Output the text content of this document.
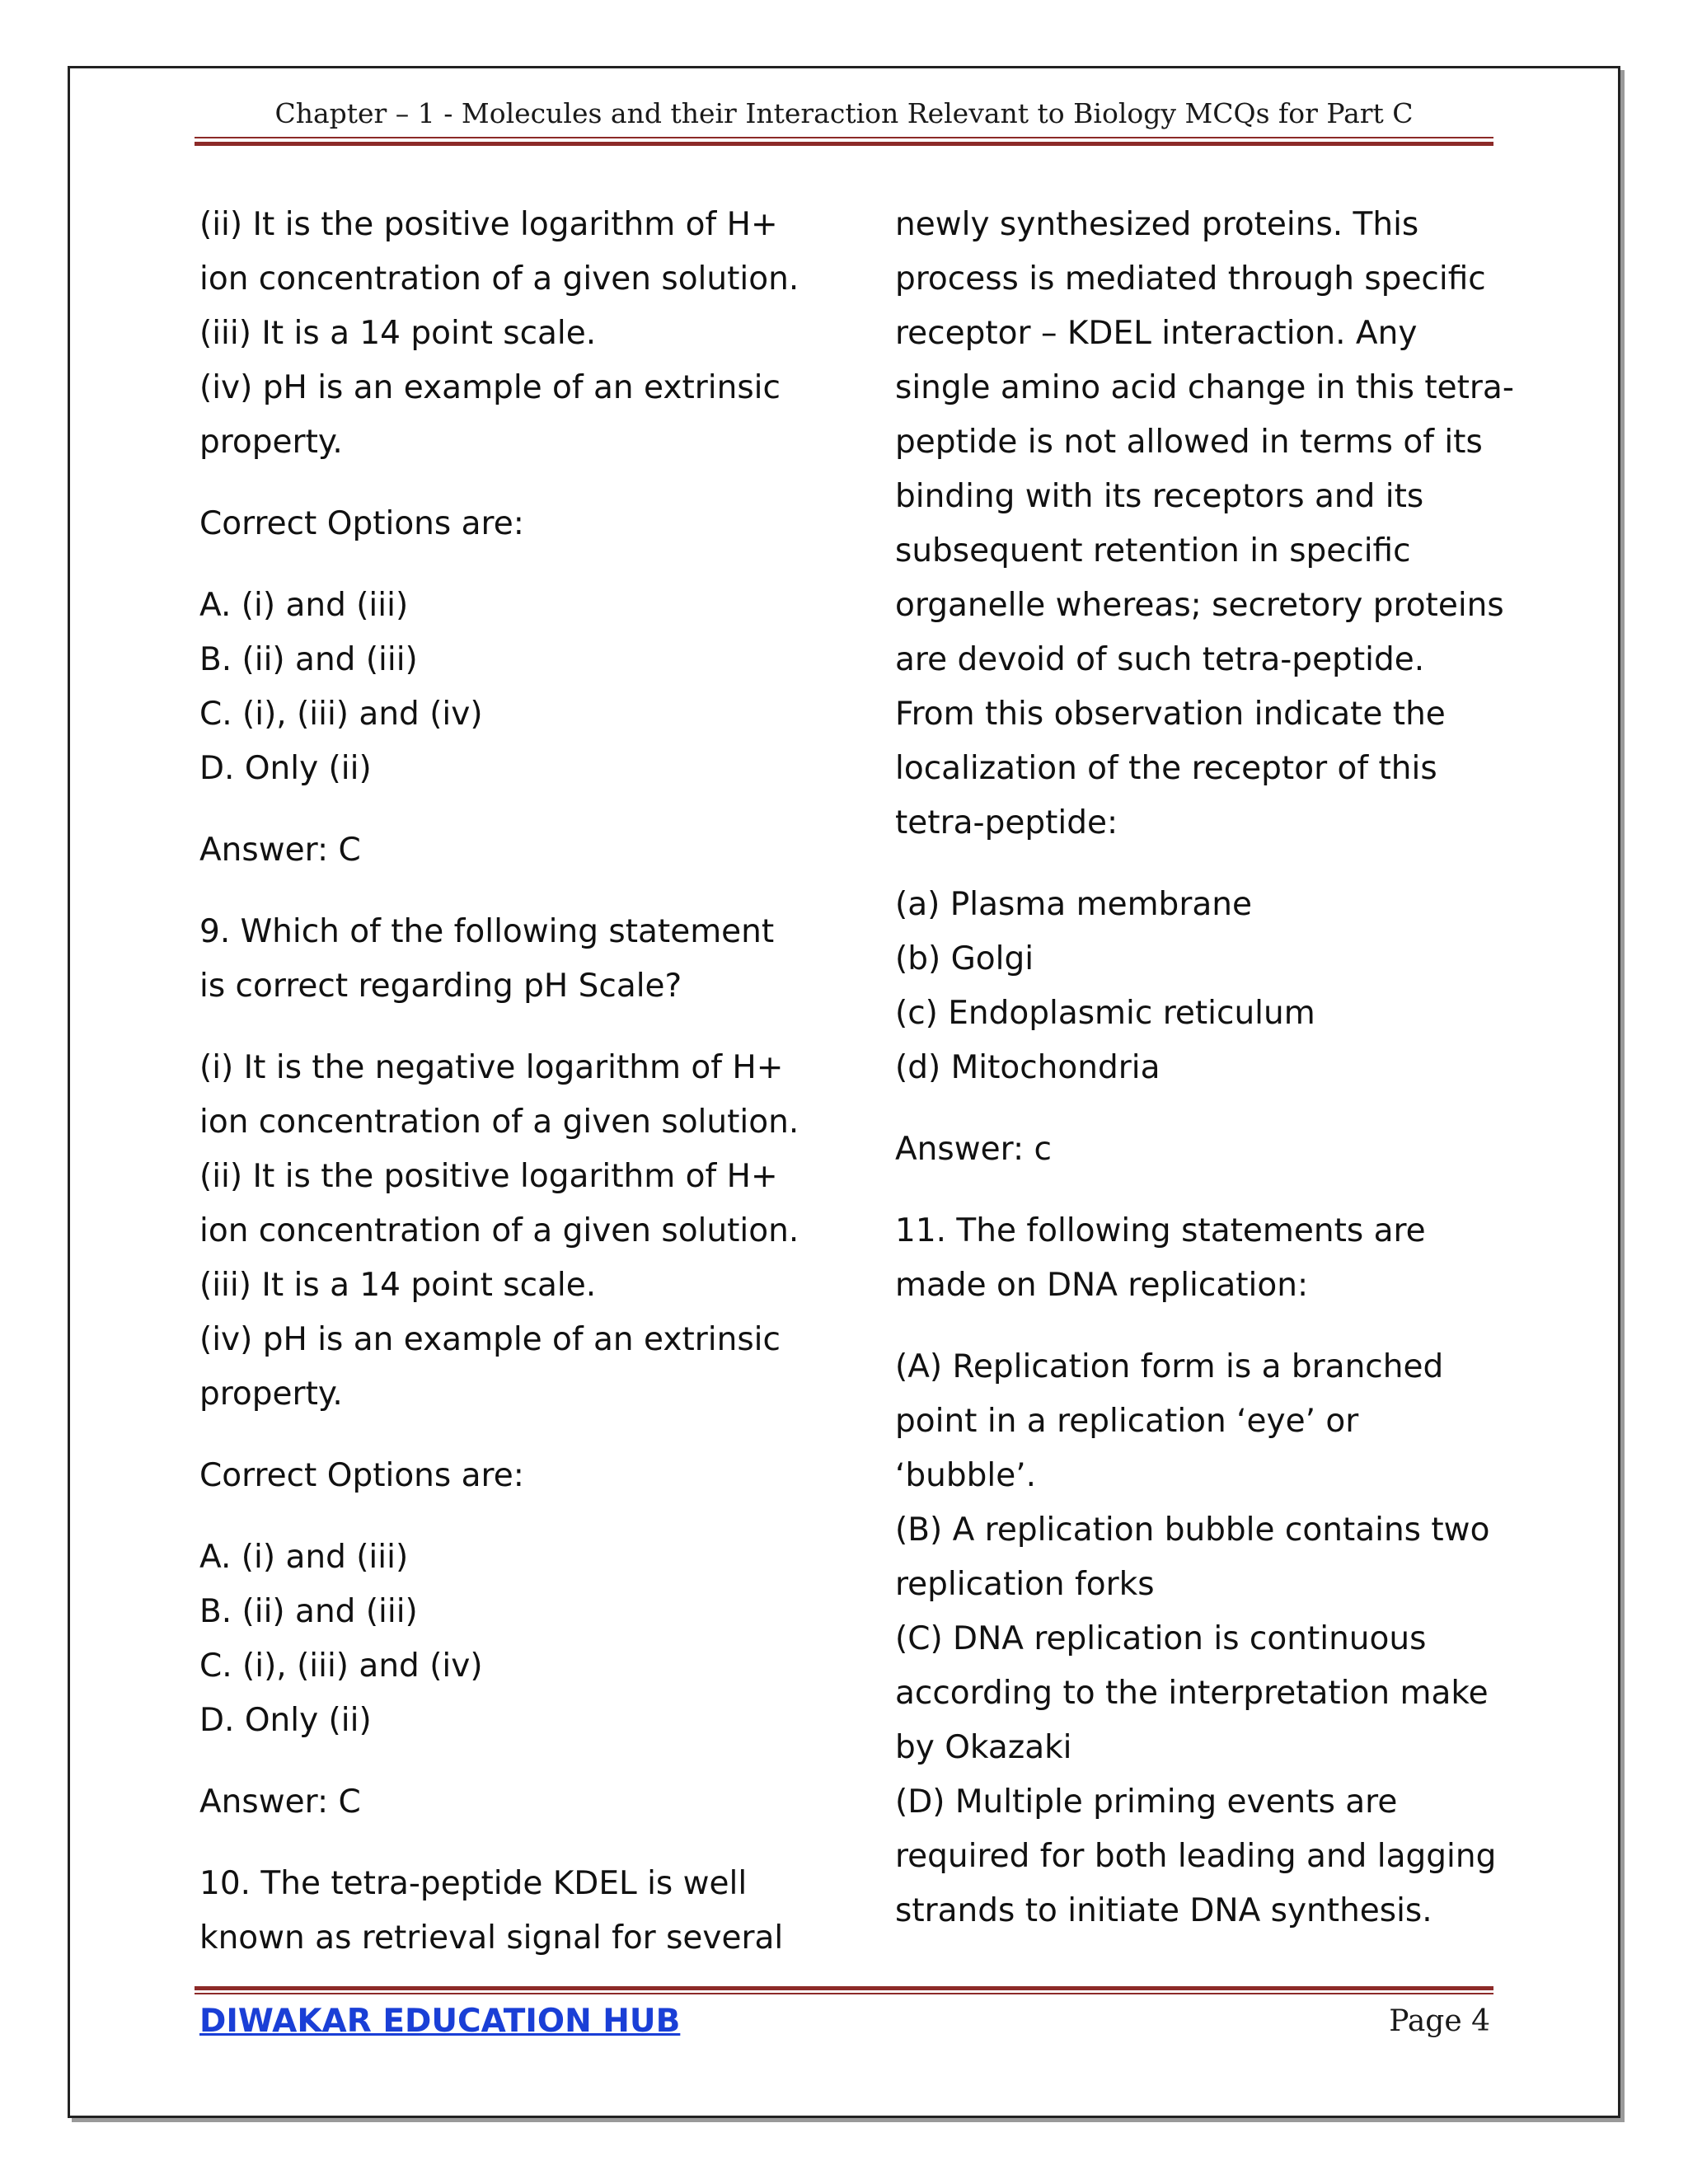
Chapter – 1 - Molecules and their Interaction Relevant to Biology MCQs for Part C
(ii) It is the positive logarithm of H+
ion concentration of a given solution.
(iii) It is a 14 point scale.
(iv) pH is an example of an extrinsic
property.
Correct Options are:
A. (i) and (iii)
B. (ii) and (iii)
C. (i), (iii) and (iv)
D. Only (ii)
Answer: C
9. Which of the following statement
is correct regarding pH Scale?
(i) It is the negative logarithm of H+
ion concentration of a given solution.
(ii) It is the positive logarithm of H+
ion concentration of a given solution.
(iii) It is a 14 point scale.
(iv) pH is an example of an extrinsic
property.
Correct Options are:
A. (i) and (iii)
B. (ii) and (iii)
C. (i), (iii) and (iv)
D. Only (ii)
Answer: C
10. The tetra-peptide KDEL is well
known as retrieval signal for several
newly synthesized proteins. This
process is mediated through specific
receptor – KDEL interaction. Any
single amino acid change in this tetra-
peptide is not allowed in terms of its
binding with its receptors and its
subsequent retention in specific
organelle whereas; secretory proteins
are devoid of such tetra-peptide.
From this observation indicate the
localization of the receptor of this
tetra-peptide:
(a) Plasma membrane
(b) Golgi
(c) Endoplasmic reticulum
(d) Mitochondria
Answer: c
11. The following statements are
made on DNA replication:
(A) Replication form is a branched
point in a replication ‘eye’ or
‘bubble’.
(B) A replication bubble contains two
replication forks
(C) DNA replication is continuous
according to the interpretation make
by Okazaki
(D) Multiple priming events are
required for both leading and lagging
strands to initiate DNA synthesis.
DIWAKAR EDUCATION HUB	Page 4
